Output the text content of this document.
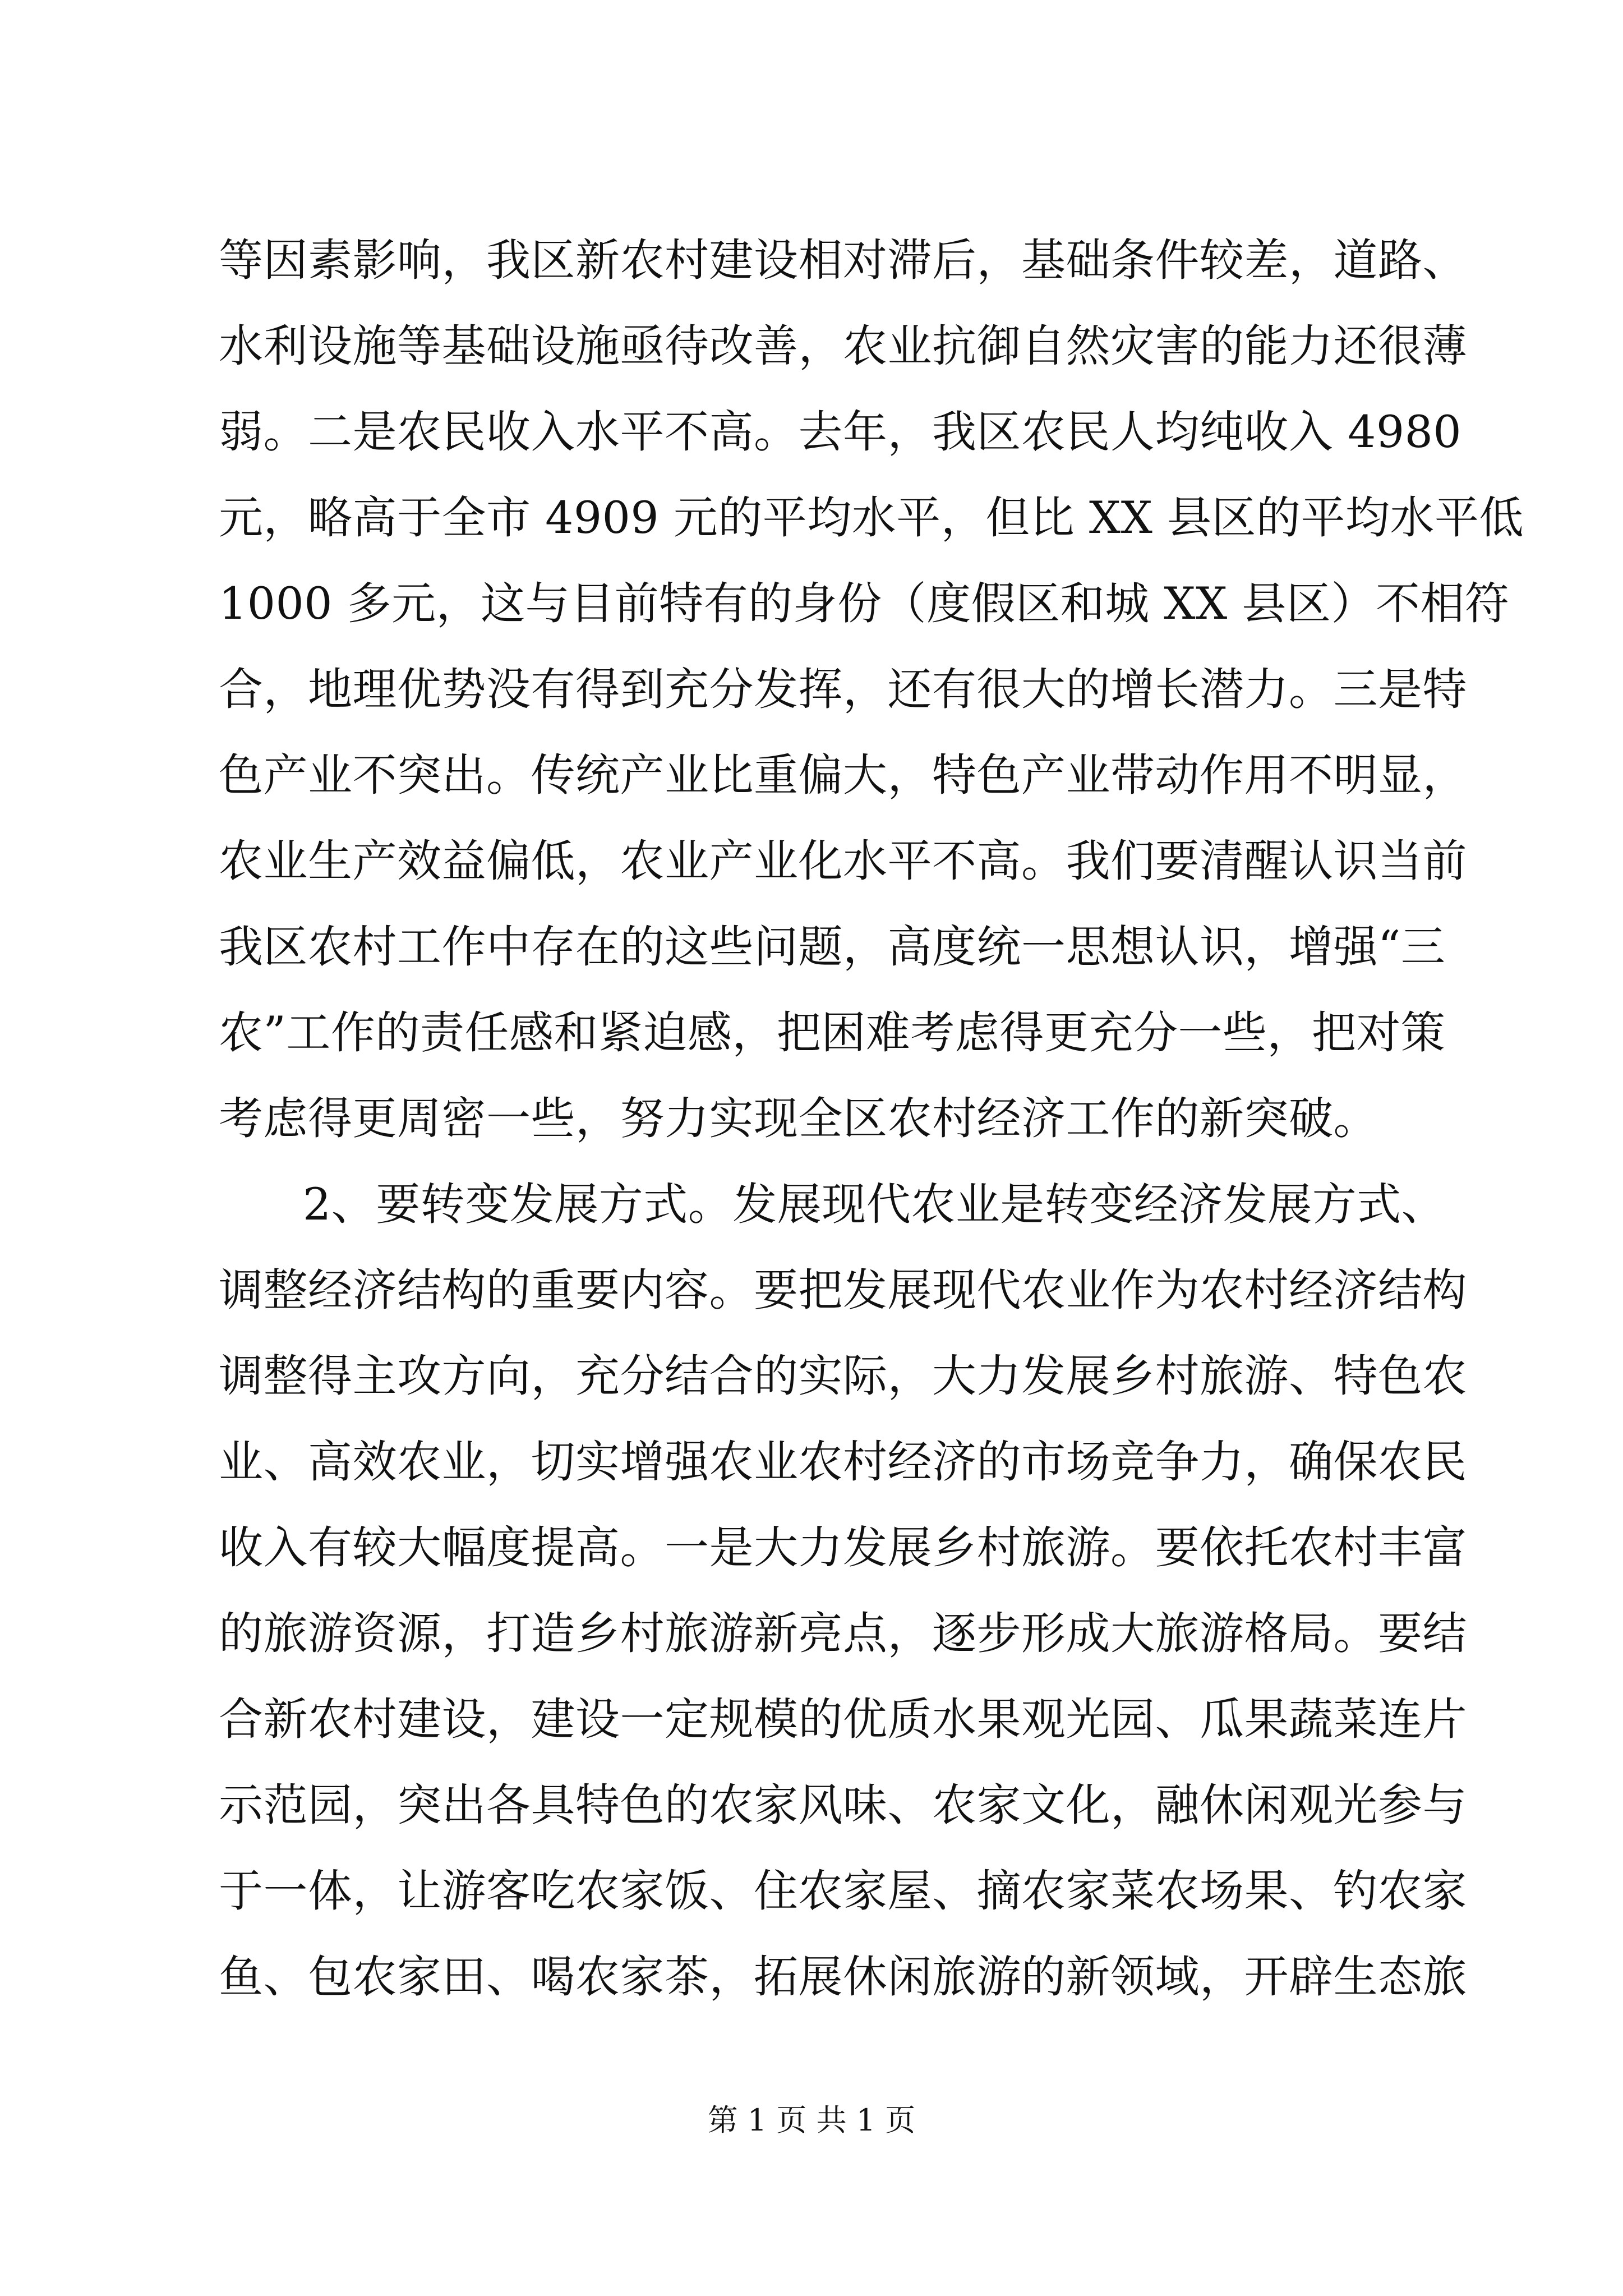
等因素影响，我区新农村建设相对滞后，基础条件较差，道路、
水利设施等基础设施亟待改善，农业抗御自然灾害的能力还很薄
弱。二是农民收入水平不高。去年，我区农民人均纯收入 4980
元，略高于全市 4909 元的平均水平，但比 XX 县区的平均水平低
1000 多元，这与目前特有的身份（度假区和城 XX 县区）不相符
合，地理优势没有得到充分发挥，还有很大的增长潜力。三是特
色产业不突出。传统产业比重偏大，特色产业带动作用不明显，
农业生产效益偏低，农业产业化水平不高。我们要清醒认识当前
我区农村工作中存在的这些问题，高度统一思想认识，增强“三
农”工作的责任感和紧迫感，把困难考虑得更充分一些，把对策
考虑得更周密一些，努力实现全区农村经济工作的新突破。
2、要转变发展方式。发展现代农业是转变经济发展方式、
调整经济结构的重要内容。要把发展现代农业作为农村经济结构
调整得主攻方向，充分结合的实际，大力发展乡村旅游、特色农
业、高效农业，切实增强农业农村经济的市场竞争力，确保农民
收入有较大幅度提高。一是大力发展乡村旅游。要依托农村丰富
的旅游资源，打造乡村旅游新亮点，逐步形成大旅游格局。要结
合新农村建设，建设一定规模的优质水果观光园、瓜果蔬菜连片
示范园，突出各具特色的农家风味、农家文化，融休闲观光参与
于一体，让游客吃农家饭、住农家屋、摘农家菜农场果、钓农家
鱼、包农家田、喝农家茶，拓展休闲旅游的新领域，开辟生态旅
第 1 页 共 1 页
